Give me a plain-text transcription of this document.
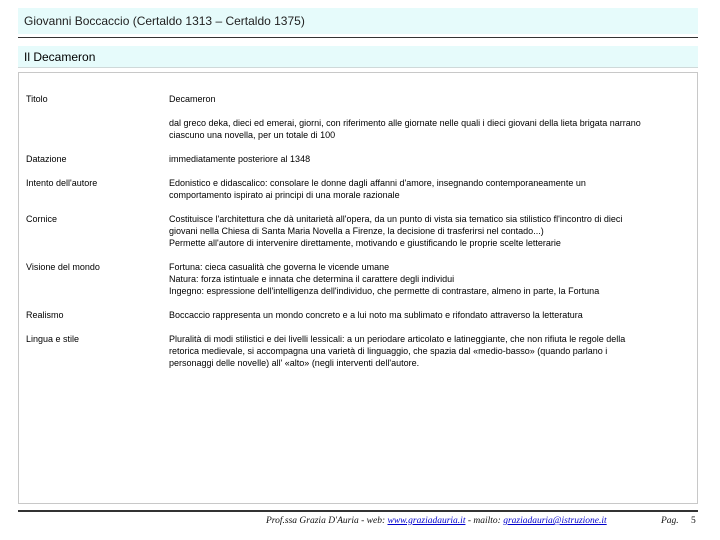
Giovanni Boccaccio (Certaldo 1313 – Certaldo 1375)
Il Decameron
Titolo	Decameron
dal greco deka, dieci ed emerai, giorni, con riferimento alle giornate nelle quali i dieci giovani della lieta brigata narrano
ciascuno una novella, per un totale di 100
Datazione	immediatamente posteriore al 1348
Intento dell'autore	Edonistico e didascalico: consolare le donne dagli affanni d'amore, insegnando contemporaneamente un
comportamento ispirato ai principi di una morale razionale
Cornice	Costituisce l'architettura che dà unitarietà all'opera, da un punto di vista sia tematico sia stilistico fl'incontro di dieci
giovani nella Chiesa di Santa Maria Novella a Firenze, la decisione di trasferirsi nel contado...)
Permette all'autore di intervenire direttamente, motivando e giustificando le proprie scelte letterarie
Visione del mondo	Fortuna: cieca casualità che governa le vicende umane
Natura: forza istintuale e innata che determina il carattere degli individui
Ingegno: espressione dell'intelligenza dell'individuo, che permette di contrastare, almeno in parte, la Fortuna
Realismo	Boccaccio rappresenta un mondo concreto e a lui noto ma sublimato e rifondato attraverso la letteratura
Lingua e stile	Pluralità di modi stilistici e dei livelli lessicali: a un periodare articolato e latineggiante, che non rifiuta le regole della
retorica medievale, si accompagna una varietà di linguaggio, che spazia dal «medio-basso» (quando parlano i
personaggi delle novelle) all' «alto» (negli interventi dell'autore.
Prof.ssa Grazia D'Auria - web: www.graziadauria.it - mailto: graziadauria@istruzione.it	Pag. 5
